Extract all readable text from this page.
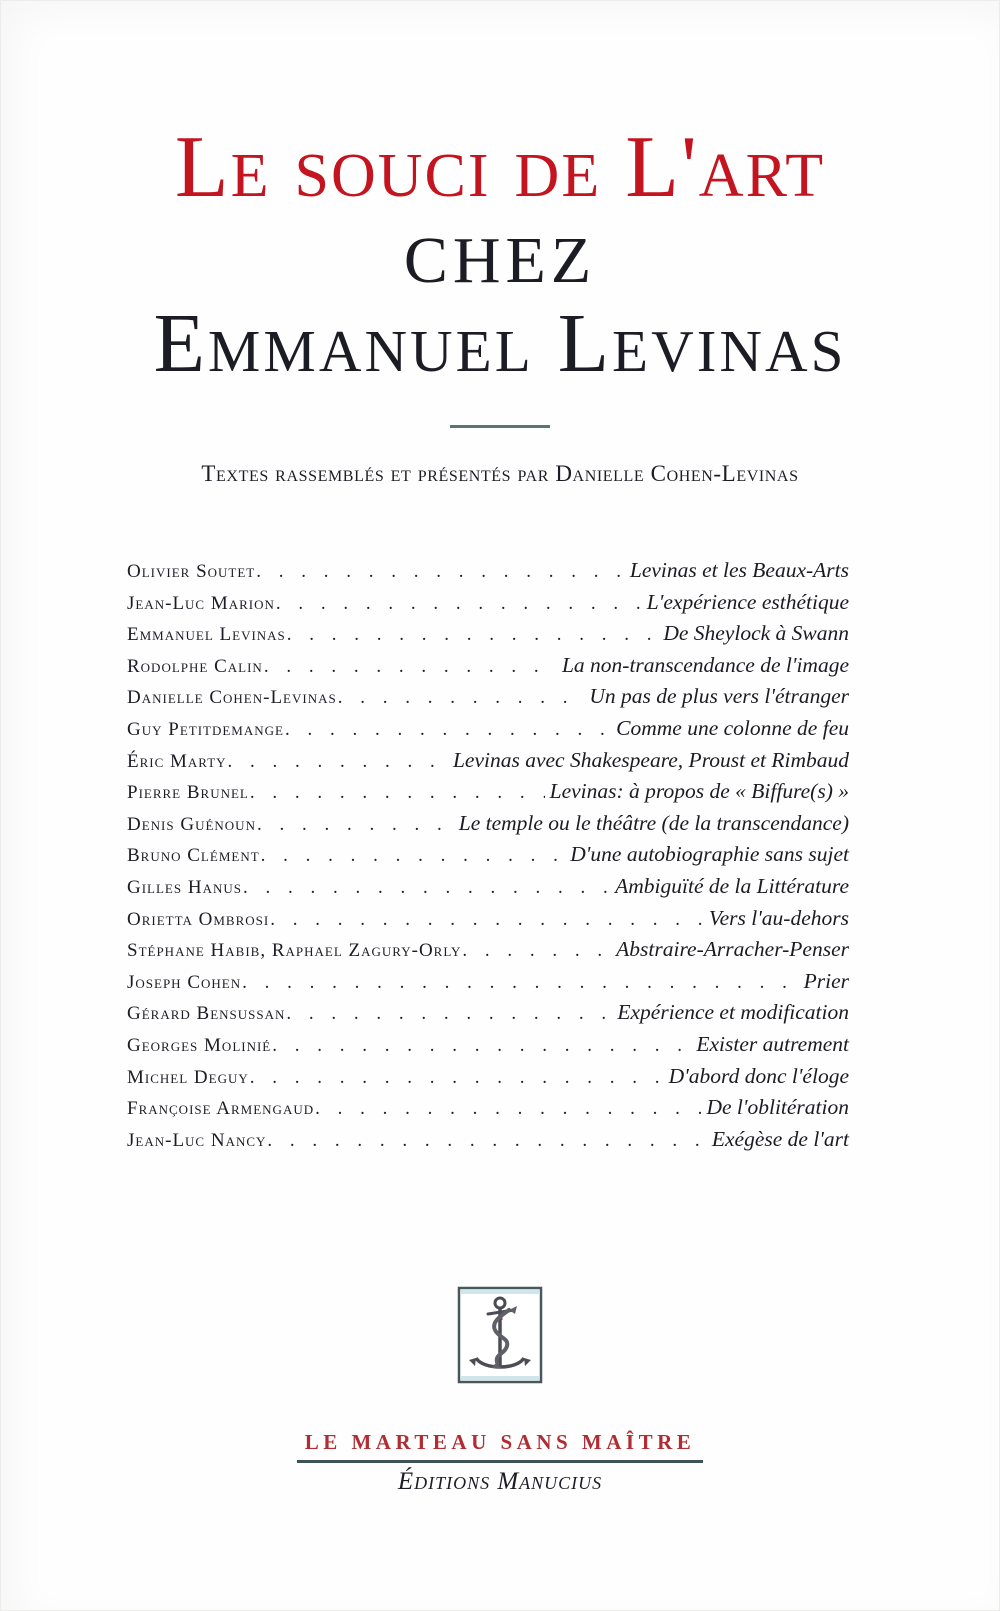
Le souci de L'art
CHEZ
Emmanuel Levinas
Textes rassemblés et présentés par Danielle Cohen-Levinas
Olivier Soutet . . .	Levinas et les Beaux-Arts
Jean-Luc Marion . . .	L'expérience esthétique
Emmanuel Levinas . . .	De Sheylock à Swann
Rodolphe Calin . . .	La non-transcendance de l'image
Danielle Cohen-Levinas . . .	Un pas de plus vers l'étranger
Guy Petitdemange . . .	Comme une colonne de feu
Éric Marty . . .	Levinas avec Shakespeare, Proust et Rimbaud
Pierre Brunel . . .	Levinas: à propos de « Biffure(s) »
Denis Guénoun . . .	Le temple ou le théâtre (de la transcendance)
Bruno Clément . . .	D'une autobiographie sans sujet
Gilles Hanus . . .	Ambiguïté de la Littérature
Orietta Ombrosi . . .	Vers l'au-dehors
Stéphane Habib, Raphael Zagury-Orly . . .	Abstraire-Arracher-Penser
Joseph Cohen . . .	Prier
Gérard Bensussan . . .	Expérience et modification
Georges Molinié . . .	Exister autrement
Michel Deguy . . .	D'abord donc l'éloge
Françoise Armengaud . . .	De l'oblitération
Jean-Luc Nancy . . .	Exégèse de l'art
LE MARTEAU SANS MAÎTRE
Éditions Manucius
